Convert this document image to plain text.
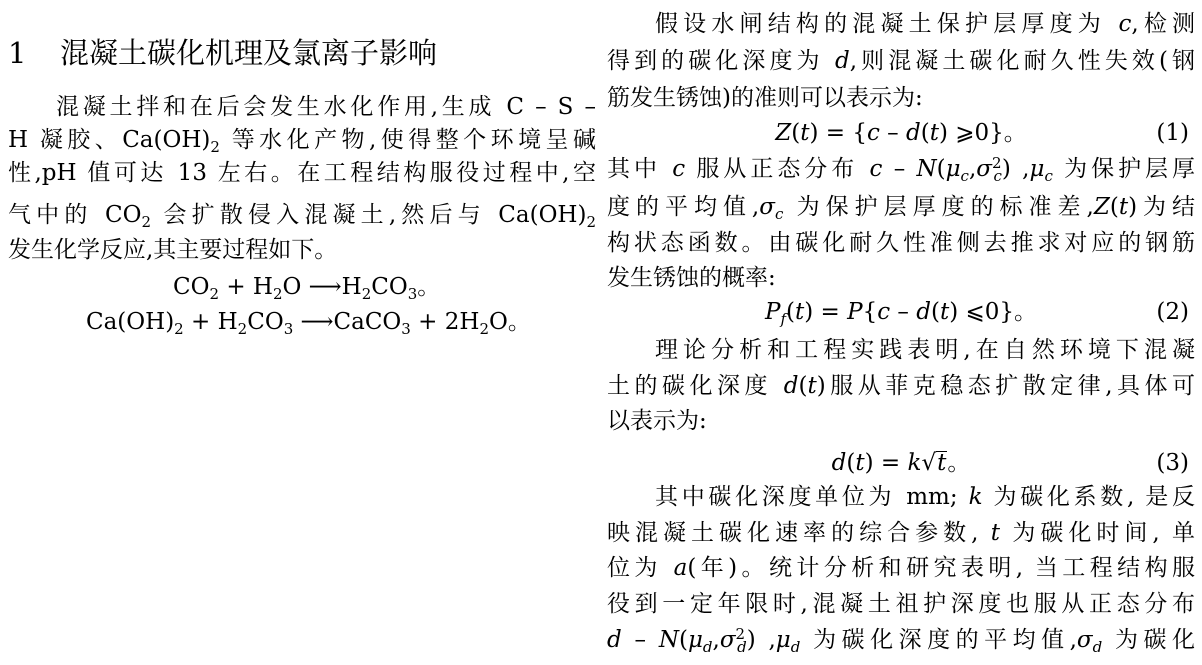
1 混凝土碳化机理及氯离子影响
混凝土拌和在后会发生水化作用,生成 C – S –
H 凝胶、$Ca(OH)_2$ 等水化产物,使得整个环境呈碱
性,pH 值可达 13 左右。在工程结构服役过程中,空
气中的 $CO_2$ 会扩散侵入混凝土,然后与 $Ca(OH)_2$
发生化学反应,其主要过程如下。
$CO_2 + H_2O$ $⟶H_2CO_3$。
$Ca(OH)_2 + H_2CO_3$ ⟶CaCO$_3$ + $2H_2O$。
假设水闸结构的混凝土保护层厚度为 c,检测
得到的碳化深度为 d,则混凝土碳化耐久性失效(钢
筋发生锈蚀)的准则可以表示为:
Z(t) = {c – d(t) ⩾0}。	(1)
其中 c 服从正态分布 c – $N(\mu_c,\sigma^2_c)$ $,\mu_c$ 为保护层厚
度的平均值$,\sigma_c$ 为保护层厚度的标准差,Z(t)为结
构状态函数。由碳化耐久性准侧去推求对应的钢筋
发生锈蚀的概率:
$P_f(t) = P\{c - d(t)$ ⩽0}。	(2)
理论分析和工程实践表明,在自然环境下混凝
土的碳化深度 d(t)服从菲克稳态扩散定律,具体可
以表示为:
d(t) = k√t。	(3)
其中碳化深度单位为 mm; k 为碳化系数, 是反
映混凝土碳化速率的综合参数, t 为碳化时间, 单
位为 a(年)。统计分析和研究表明, 当工程结构服
役到一定年限时,混凝土祖护深度也服从正态分布
d – $N(\mu_d,\sigma^2_d)$ $,\mu_d$ 为碳化深度的平均值$,\sigma_d$ 为碳化
